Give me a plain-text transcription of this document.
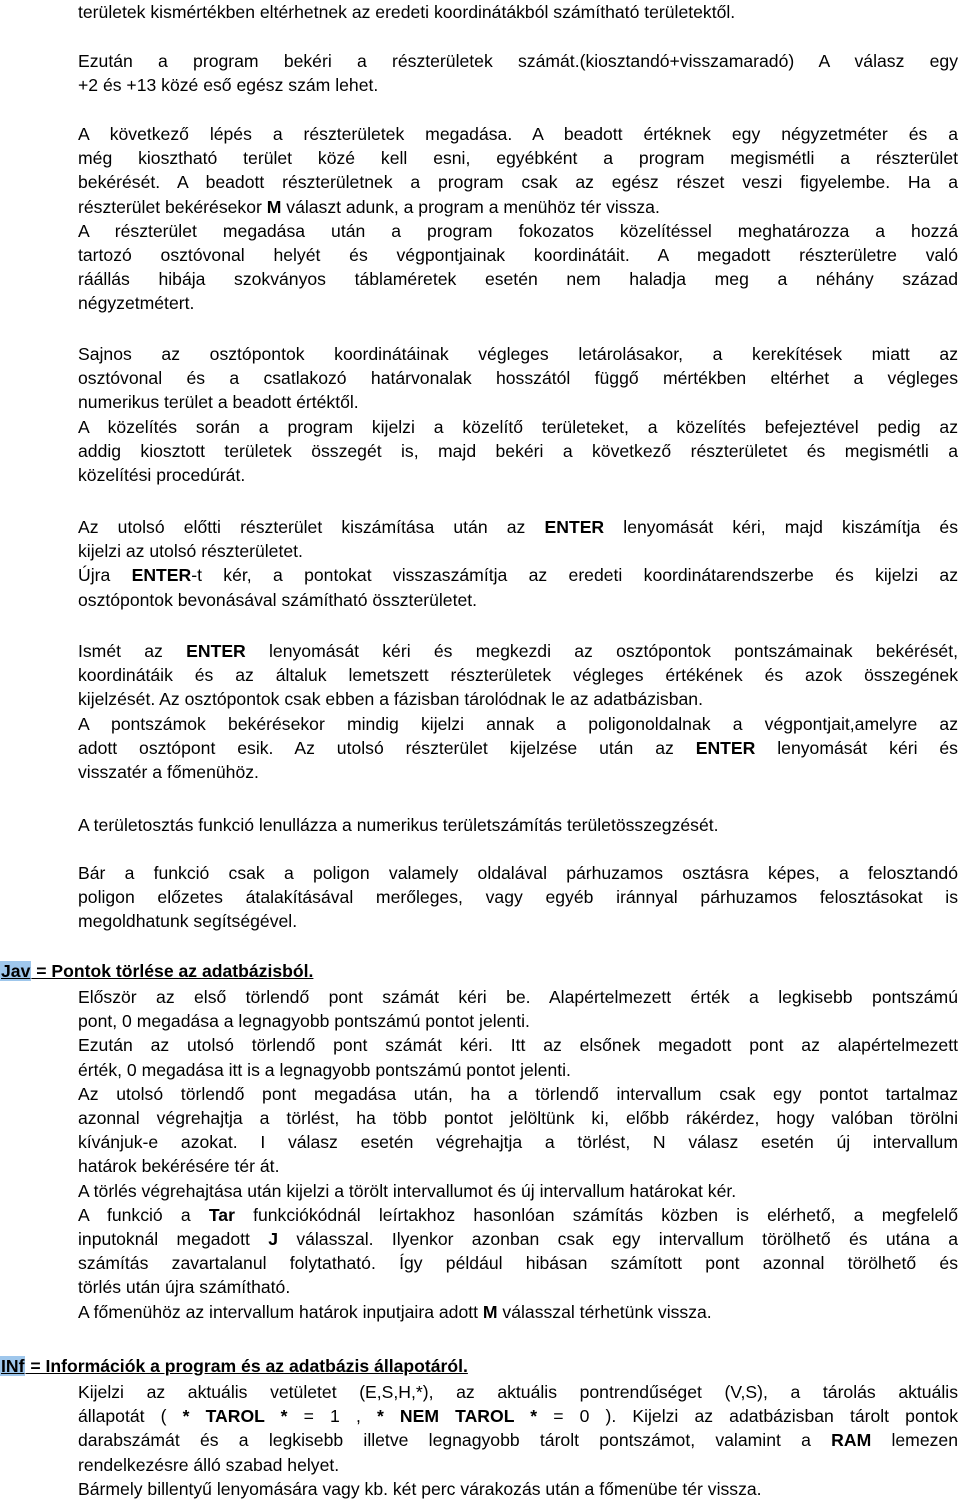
területek kismértékben eltérhetnek az eredeti koordinátákból számítható területektől.
Ezután a program bekéri a részterületek számát.(kiosztandó+visszamaradó) A válasz egy
+2 és +13 közé eső egész szám lehet.
A következő lépés a részterületek megadása. A beadott értéknek egy négyzetméter és a
még kiosztható terület közé kell esni, egyébként a program megismétli a részterület
bekérését. A beadott részterületnek a program csak az egész részet veszi figyelembe. Ha a
részterület bekérésekor M választ adunk, a program a menühöz tér vissza.
A részterület megadása után a program fokozatos közelítéssel meghatározza a hozzá
tartozó osztóvonal helyét és végpontjainak koordinátáit. A megadott részterületre való
ráállás hibája szokványos táblaméretek esetén nem haladja meg a néhány század
négyzetmétert.
Sajnos az osztópontok koordinátáinak végleges letárolásakor, a kerekítések miatt az
osztóvonal és a csatlakozó határvonalak hosszától függő mértékben eltérhet a végleges
numerikus terület a beadott értéktől.
A közelítés során a program kijelzi a közelítő területeket, a közelítés befejeztével pedig az
addig kiosztott területek összegét is, majd bekéri a következő részterületet és megismétli a
közelítési procedúrát.
Az utolsó előtti részterület kiszámítása után az ENTER lenyomását kéri, majd kiszámítja és
kijelzi az utolsó részterületet.
Újra ENTER-t kér, a pontokat visszaszámítja az eredeti koordinátarendszerbe és kijelzi az
osztópontok bevonásával számítható összterületet.
Ismét az ENTER lenyomását kéri és megkezdi az osztópontok pontszámainak bekérését,
koordinátáik és az általuk lemetszett részterületek végleges értékének és azok összegének
kijelzését. Az osztópontok csak ebben a fázisban tárolódnak le az adatbázisban.
A pontszámok bekérésekor mindig kijelzi annak a poligonoldalnak a végpontjait,amelyre az
adott osztópont esik. Az utolsó részterület kijelzése után az ENTER lenyomását kéri és
visszatér a főmenühöz.
A területosztás funkció lenullázza a numerikus területszámítás területösszegzését.
Bár a funkció csak a poligon valamely oldalával párhuzamos osztásra képes, a felosztandó
poligon előzetes átalakításával merőleges, vagy egyéb iránnyal párhuzamos felosztásokat is
megoldhatunk segítségével.
Jav = Pontok törlése az adatbázisból.
Először az első törlendő pont számát kéri be. Alapértelmezett érték a legkisebb pontszámú
pont, 0 megadása a legnagyobb pontszámú pontot jelenti.
Ezután az utolsó törlendő pont számát kéri. Itt az elsőnek megadott pont az alapértelmezett
érték, 0 megadása itt is a legnagyobb pontszámú pontot jelenti.
Az utolsó törlendő pont megadása után, ha a törlendő intervallum csak egy pontot tartalmaz
azonnal végrehajtja a törlést, ha több pontot jelöltünk ki, előbb rákérdez, hogy valóban törölni
kívánjuk-e azokat. I válasz esetén végrehajtja a törlést, N válasz esetén új intervallum
határok bekérésére tér át.
A törlés végrehajtása után kijelzi a törölt intervallumot és új intervallum határokat kér.
A funkció a Tar funkciókódnál leírtakhoz hasonlóan számítás közben is elérhető, a megfelelő
inputoknál megadott J válasszal. Ilyenkor azonban csak egy intervallum törölhető és utána a
számítás zavartalanul folytatható. Így például hibásan számított pont azonnal törölhető és
törlés után újra számítható.
A főmenühöz az intervallum határok inputjaira adott M válasszal térhetünk vissza.
INf = Információk a program és az adatbázis állapotáról.
Kijelzi az aktuális vetületet (E,S,H,*), az aktuális pontrendűséget (V,S), a tárolás aktuális
állapotát ( * TAROL * = 1 , * NEM TAROL * = 0 ). Kijelzi az adatbázisban tárolt pontok
darabszámát és a legkisebb illetve legnagyobb tárolt pontszámot, valamint a RAM lemezen
rendelkezésre álló szabad helyet.
Bármely billentyű lenyomására vagy kb. két perc várakozás után a főmenübe tér vissza.
